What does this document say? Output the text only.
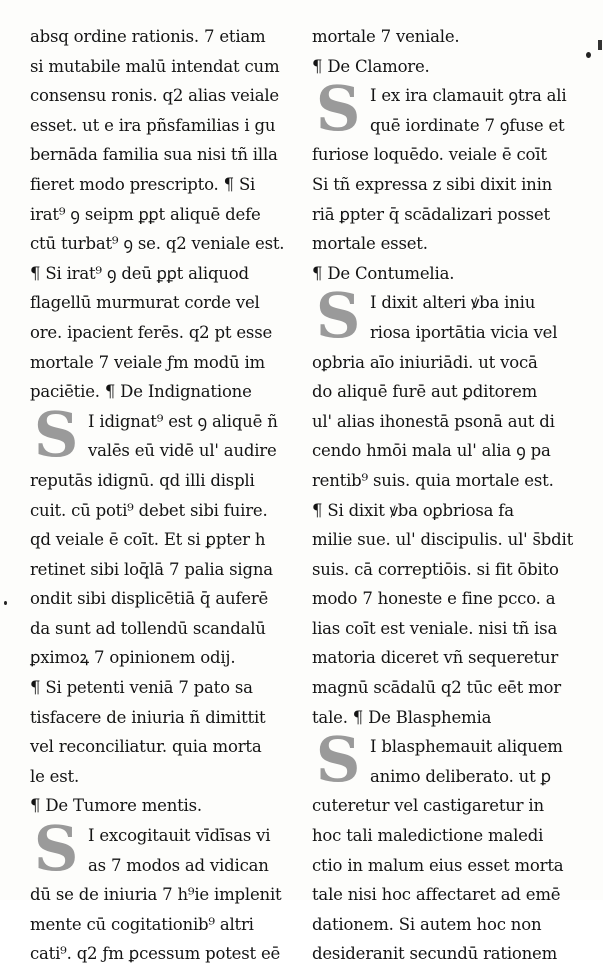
absq ordine rationis. 7 etiam
si mutabile malū intendat cum
consensu ronis. q2 alias veiale
esset. ut e ira pñsfamilias i gu
bernāda familia sua nisi tñ illa
fieret modo prescripto. ¶ Si
irat⁹ ꝯ seipm ꝑꝑt aliquē defe
ctū turbat⁹ ꝯ se. q2 veniale est.
¶ Si irat⁹ ꝯ deū ꝑꝑt aliquod
flagellū murmurat corde vel
ore. ipacient ferēs. q2 pt esse
mortale 7 veiale ƒm modū im
paciētie. ¶ De Indignatione
S I idignat⁹ est ꝯ aliquē ñ
valēs eū vidē ul' audire
reputās idignū. qd illi displi
cuit. cū poti⁹ debet sibi fuire.
qd veiale ē coīt. Et si ꝑpter h
retinet sibi loq̄lā 7 palia signa
ondit sibi displicētiā q̄ auferē
da sunt ad tollendū scandalū
ꝑximoꝝ 7 opinionem odij.
¶ Si petenti veniā 7 pato sa
tisfacere de iniuria ñ dimittit
vel reconciliatur. quia morta
le est.
¶ De Tumore mentis.
S I excogitauit vīdīsas vi
as 7 modos ad vidican
dū se de iniuria 7 h⁹ie implenit
mente cū cogitationib⁹ altri
cati⁹. q2 ƒm ꝑcessum potest eē
mortale 7 veniale.
¶ De Clamore.
S I ex ira clamauit ꝯtra ali
quē iordinate 7 ꝯfuse et
furiose loquēdo. veiale ē coīt
Si tñ expressa z sibi dixit inin
riā ꝑpter q̄ scādalizari posset
mortale esset.
¶ De Contumelia.
S I dixit alteri ꝟba iniu
riosa iportātia vicia vel
oꝑbria aīo iniuriādi. ut vocā
do aliquē furē aut ꝑditorem
ul' alias ihonestā psonā aut di
cendo hmōi mala ul' alia ꝯ pa
rentib⁹ suis. quia mortale est.
¶ Si dixit ꝟba oꝑbriosa fa
milie sue. ul' discipulis. ul' s̄bdit
suis. cā correptiōis. si fit ōbito
modo 7 honeste e fine pcco. a
lias coīt est veniale. nisi tñ isa
matoria diceret vñ sequeretur
magnū scādalū q2 tūc eēt mor
tale. ¶ De Blasphemia
S I blasphemauit aliquem
animo deliberato. ut ꝑ
cuteretur vel castigaretur in
hoc tali maledictione maledi
ctio in malum eius esset morta
tale nisi hoc affectaret ad emē
dationem. Si autem hoc non
desideranit secundū rationem
